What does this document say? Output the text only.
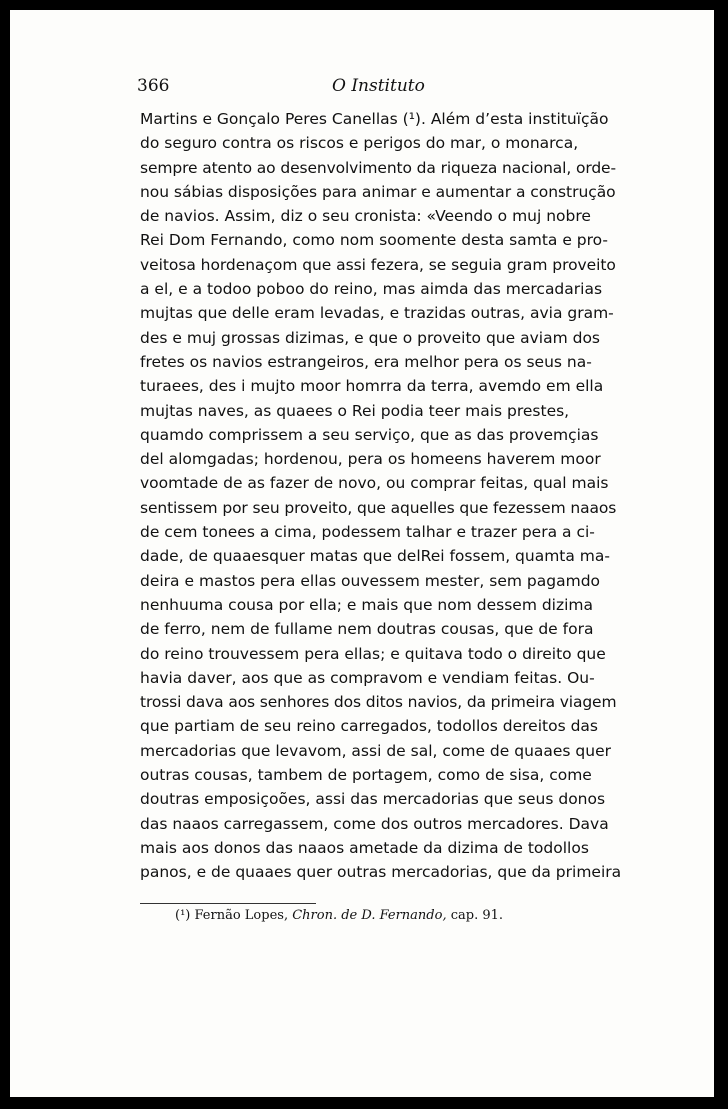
366	O Instituto
Martins e Gonçalo Peres Canellas (¹). Além d’esta instituïção
do seguro contra os riscos e perigos do mar, o monarca,
sempre atento ao desenvolvimento da riqueza nacional, orde-
nou sábias disposições para animar e aumentar a construção
de navios. Assim, diz o seu cronista: «Veendo o muj nobre
Rei Dom Fernando, como nom soomente desta samta e pro-
veitosa hordenaçom que assi fezera, se seguia gram proveito
a el, e a todoo poboo do reino, mas aimda das mercadarias
mujtas que delle eram levadas, e trazidas outras, avia gram-
des e muj grossas dizimas, e que o proveito que aviam dos
fretes os navios estrangeiros, era melhor pera os seus na-
turaees, des i mujto moor homrra da terra, avemdo em ella
mujtas naves, as quaees o Rei podia teer mais prestes,
quamdo comprissem a seu serviço, que as das provemçias
del alomgadas; hordenou, pera os homeens haverem moor
voomtade de as fazer de novo, ou comprar feitas, qual mais
sentissem por seu proveito, que aquelles que fezessem naaos
de cem tonees a cima, podessem talhar e trazer pera a ci-
dade, de quaaesquer matas que delRei fossem, quamta ma-
deira e mastos pera ellas ouvessem mester, sem pagamdo
nenhuuma cousa por ella; e mais que nom dessem dizima
de ferro, nem de fullame nem doutras cousas, que de fora
do reino trouvessem pera ellas; e quitava todo o direito que
havia daver, aos que as compravom e vendiam feitas. Ou-
trossi dava aos senhores dos ditos navios, da primeira viagem
que partiam de seu reino carregados, todollos dereitos das
mercadorias que levavom, assi de sal, come de quaaes quer
outras cousas, tambem de portagem, como de sisa, come
doutras emposiçoões, assi das mercadorias que seus donos
das naaos carregassem, come dos outros mercadores. Dava
mais aos donos das naaos ametade da dizima de todollos
panos, e de quaaes quer outras mercadorias, que da primeira
(¹) Fernão Lopes, Chron. de D. Fernando, cap. 91.
